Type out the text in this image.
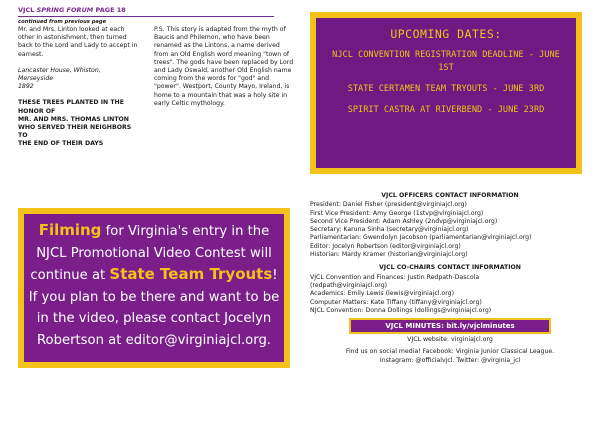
VJCL SPRING FORUM PAGE 18
continued from previous page

Mr. and Mrs. Linton looked at each other in astonishment, then turned back to the Lord and Lady to accept in earnest.

Lancaster House, Whiston,

Merseyside

1892

THESE TREES PLANTED IN THE

HONOR OF

MR. AND MRS. THOMAS LINTON

WHO SERVED THEIR NEIGHBORS TO

THE END OF THEIR DAYS

P.S. This story is adapted from the myth of Baucis and Philemon, who have been renamed as the Lintons, a name derived from an Old English word meaning "town of trees". The gods have been replaced by Lord and Lady Oswald, another Old English name coming from the words for "god" and "power". Westport, County Mayo, Ireland, is home to a mountain that was a holy site in early Celtic mythology.

UPCOMING DATES:
NJCL CONVENTION REGISTRATION DEADLINE - JUNE 1ST
STATE CERTAMEN TEAM TRYOUTS - JUNE 3RD
SPIRIT CASTRA AT RIVERBEND - JUNE 23RD
Filming for Virginia's entry in the NJCL Promotional Video Contest will continue at State Team Tryouts! If you plan to be there and want to be in the video, please contact Jocelyn Robertson at editor@virginiajcl.org.
VJCL OFFICERS CONTACT INFORMATION
President: Daniel Fisher (president@virginiajcl.org)
First Vice President: Amy George (1stvp@virginiajcl.org)
Second Vice President: Adam Ashley (2ndvp@virginiajcl.org)
Secretary: Karuna Sinha (secretary@virginiajcl.org)
Parliamentarian: Gwendolyn Jacobson (parliamentarian@virginiajcl.org)
Editor: Jocelyn Robertson (editor@virginiajcl.org)
Historian: Mardy Kramer (historian@virginiajcl.org)
VJCL CO-CHAIRS CONTACT INFORMATION
VJCL Convention and Finances: Justin Redpath-Dascola
(redpath@virginiajcl.org)
Academics: Emily Lewis (lewis@virginiajcl.org)
Computer Matters: Kate Tiffany (tiffany@virginiajcl.org)
NJCL Convention: Donna Dollings (dollings@virginiajcl.org)
VJCL MINUTES: bit.ly/vjclminutes
VJCL website: virginiajcl.org
Find us on social media! Facebook: Virginia Junior Classical League.
Instagram: @officialvjcl. Twitter: @virginia_jcl
